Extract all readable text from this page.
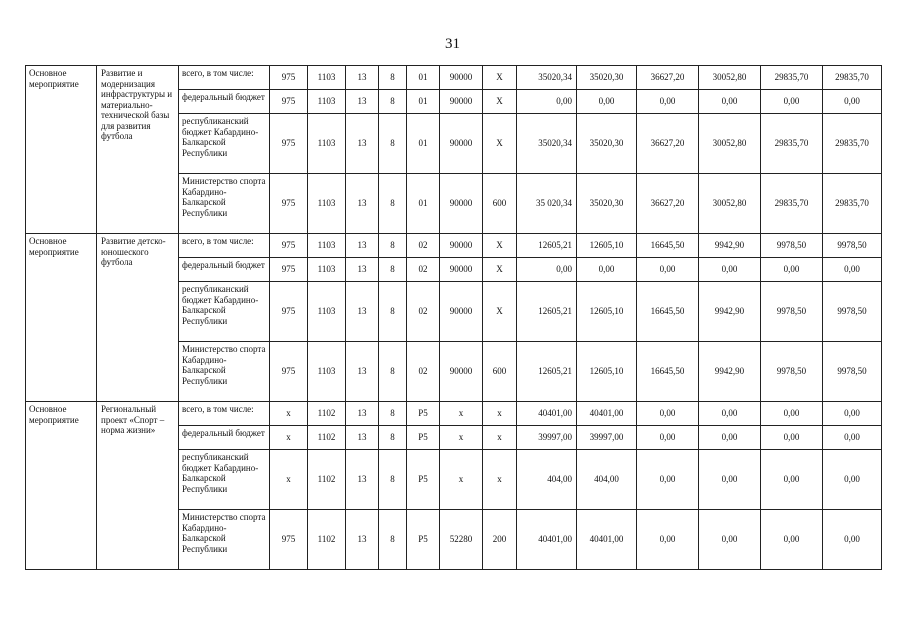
31
Основное мероприятие	Развитие и модернизация инфраструктуры и материально-технической базы для развития футбола	всего, в том числе:	975	1103	13	8	01	90000	X	35020,34	35020,30	36627,20	30052,80	29835,70	29835,70
		федеральный бюджет	975	1103	13	8	01	90000	X	0,00	0,00	0,00	0,00	0,00	0,00
		республиканский бюджет Кабардино-Балкарской Республики	975	1103	13	8	01	90000	X	35020,34	35020,30	36627,20	30052,80	29835,70	29835,70
		Министерство спорта Кабардино-Балкарской Республики	975	1103	13	8	01	90000	600	35 020,34	35020,30	36627,20	30052,80	29835,70	29835,70
Основное мероприятие	Развитие детско-юношеского футбола	всего, в том числе:	975	1103	13	8	02	90000	X	12605,21	12605,10	16645,50	9942,90	9978,50	9978,50
		федеральный бюджет	975	1103	13	8	02	90000	X	0,00	0,00	0,00	0,00	0,00	0,00
		республиканский бюджет Кабардино-Балкарской Республики	975	1103	13	8	02	90000	X	12605,21	12605,10	16645,50	9942,90	9978,50	9978,50
		Министерство спорта Кабардино-Балкарской Республики	975	1103	13	8	02	90000	600	12605,21	12605,10	16645,50	9942,90	9978,50	9978,50
Основное мероприятие	Региональный проект «Спорт – норма жизни»	всего, в том числе:	x	1102	13	8	P5	x	x	40401,00	40401,00	0,00	0,00	0,00	0,00
		федеральный бюджет	x	1102	13	8	P5	x	x	39997,00	39997,00	0,00	0,00	0,00	0,00
		республиканский бюджет Кабардино-Балкарской Республики	x	1102	13	8	P5	x	x	404,00	404,00	0,00	0,00	0,00	0,00
		Министерство спорта Кабардино-Балкарской Республики	975	1102	13	8	P5	52280	200	40401,00	40401,00	0,00	0,00	0,00	0,00
